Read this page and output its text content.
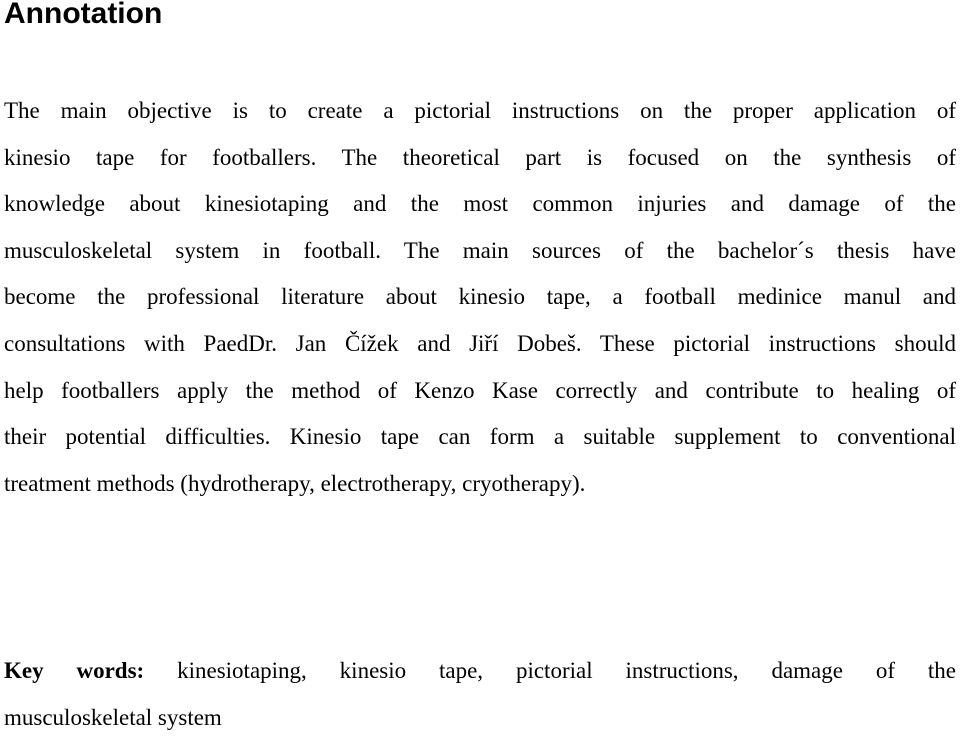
Annotation
The main objective is to create a pictorial instructions on the proper application of
kinesio tape for footballers. The theoretical part is focused on the synthesis of
knowledge about kinesiotaping and the most common injuries and damage of the
musculoskeletal system in football. The main sources of the bachelor´s thesis have
become the professional literature about kinesio tape, a football medinice manul and
consultations with PaedDr. Jan Čížek and Jiří Dobeš. These pictorial instructions should
help footballers apply the method of Kenzo Kase correctly and contribute to healing of
their potential difficulties. Kinesio tape can form a suitable supplement to conventional
treatment methods (hydrotherapy, electrotherapy, cryotherapy).
Key words: kinesiotaping, kinesio tape, pictorial instructions, damage of the
musculoskeletal system
